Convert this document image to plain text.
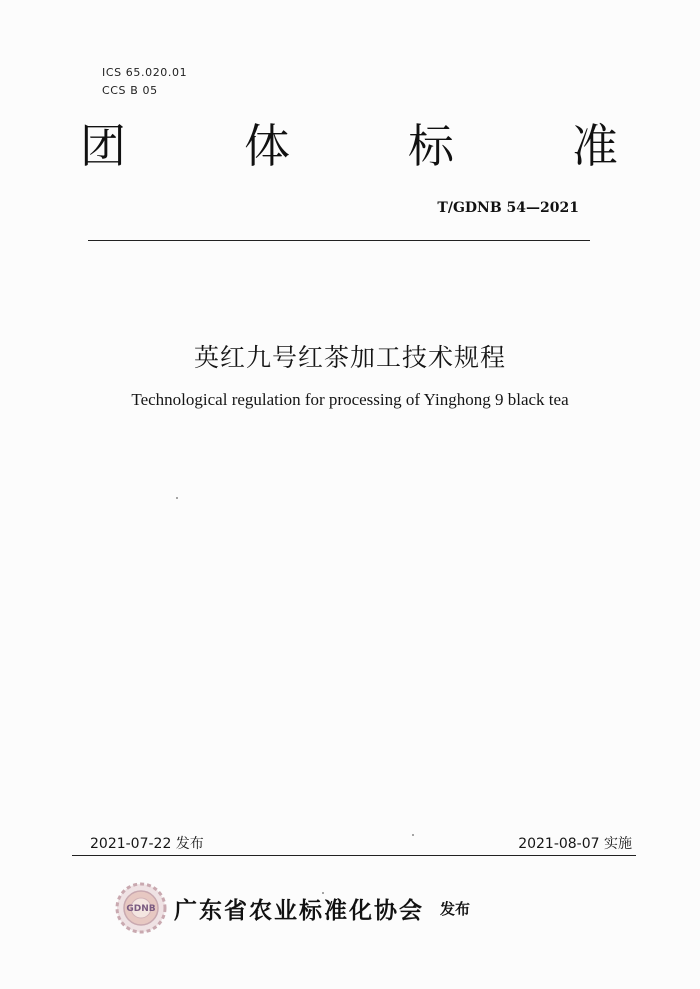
ICS 65.020.01
CCS B 05
团	体	标	准
T/GDNB 54—2021
英红九号红茶加工技术规程
Technological regulation for processing of Yinghong 9 black tea
2021-07-22 发布	2021-08-07 实施
GDNB 广东省农业标准化协会 发布
